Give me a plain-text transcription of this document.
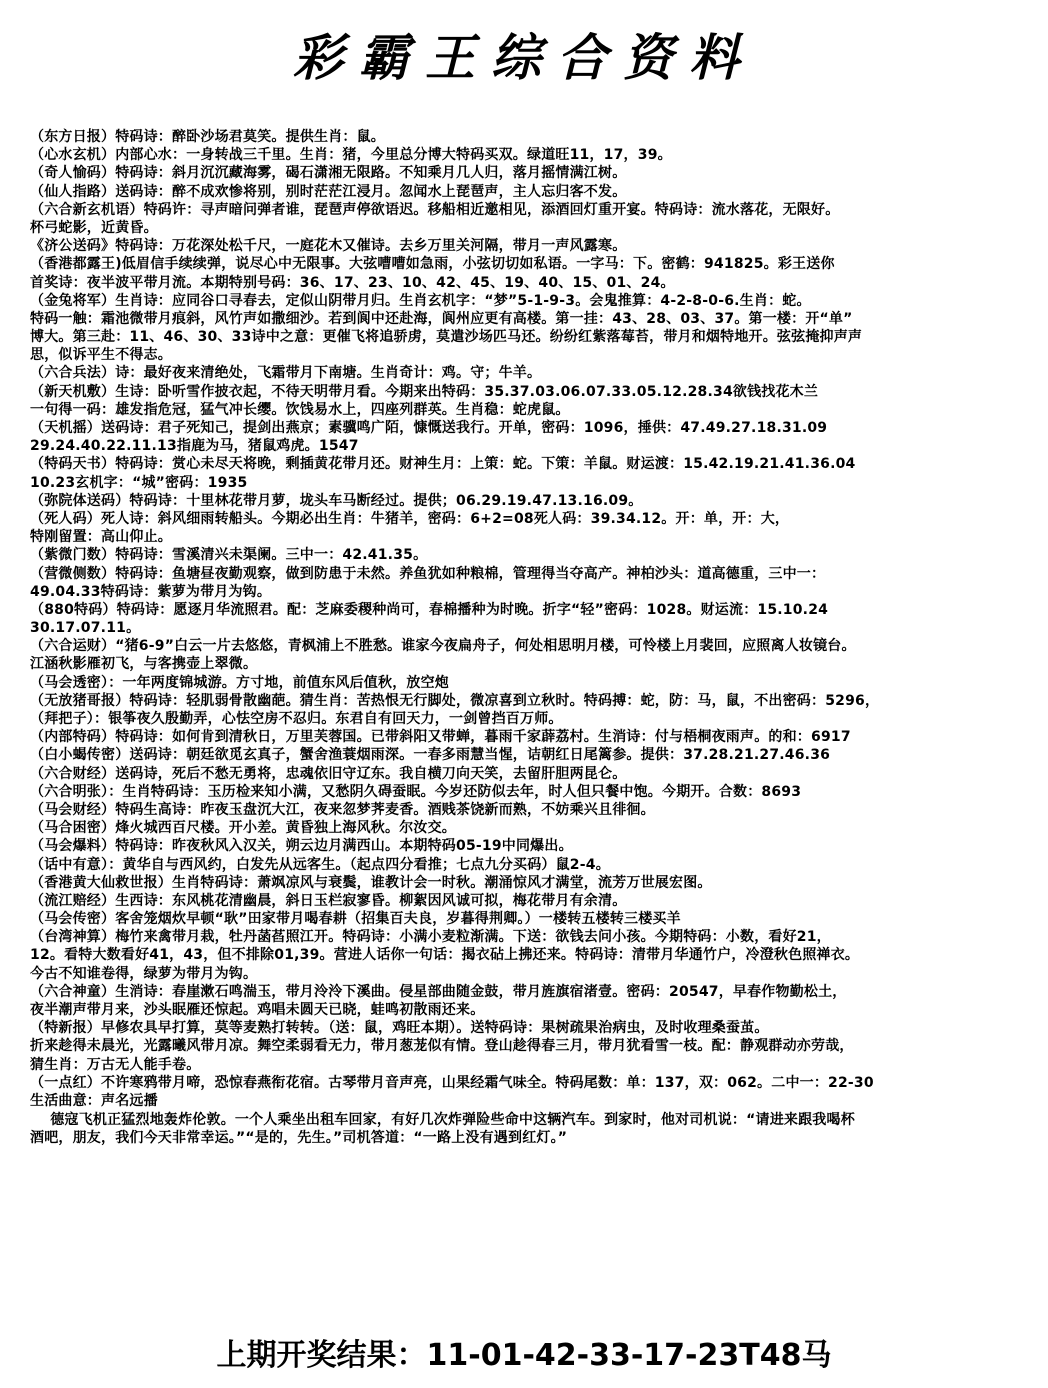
彩霸王综合资料
（东方日报）特码诗：醉卧沙场君莫笑。提供生肖：鼠。
（心水玄机）内部心水：一身转战三千里。生肖：猪，今里总分博大特码买双。绿道旺11，17，39。
（奇人愉码）特码诗：斜月沉沉藏海雾，碣石潇湘无限路。不知乘月几人归，落月摇情满江树。
（仙人指路）送码诗：醉不成欢惨将别，别时茫茫江浸月。忽闻水上琵琶声，主人忘归客不发。
（六合新玄机语）特码许：寻声暗问弹者谁，琵琶声停欲语迟。移船相近邀相见，添酒回灯重开宴。特码诗：流水落花，无限好。
杯弓蛇影，近黄昏。
《济公送码》特码诗：万花深处松千尺，一庭花木又催诗。去乡万里关河隔，带月一声风露寒。
（香港都露王)低眉信手续续弹，说尽心中无限事。大弦嘈嘈如急雨，小弦切切如私语。一字马：下。密鹤：941825。彩王送你
首奖诗：夜半波平带月流。本期特别号码：36、17、23、10、42、45、19、40、15、01、24。
（金兔将军）生肖诗：应同谷口寻春去，定似山阴带月归。生肖玄机字：“梦”5-1-9-3。会鬼推算：4-2-8-0-6.生肖：蛇。
特码一触：霜池微带月痕斜，风竹声如撒细沙。若到阆中还赴海，阆州应更有高楼。第一挂：43、28、03、37。第一楼：开“单”
博大。第三赴：11、46、30、33诗中之意：更催飞将追骄虏，莫遣沙场匹马还。纷纷红紫落莓苔，带月和烟特地开。弦弦掩抑声声
思，似诉平生不得志。
（六合兵法）诗：最好夜来清绝处，飞霜带月下南塘。生肖奇计：鸡。守；牛羊。
（新天机敷）生诗：卧听雪作披衣起，不待天明带月看。今期来出特码：35.37.03.06.07.33.05.12.28.34欲钱找花木兰
一句得一码：雄发指危冠，猛气冲长缨。饮饯易水上，四座列群英。生肖稳：蛇虎鼠。
（天机摇）送码诗：君子死知己，提剑出燕京；素骥鸣广陌，慷慨送我行。开单，密码：1096，捶供：47.49.27.18.31.09
29.24.40.22.11.13指鹿为马，猪鼠鸡虎。1547
（特码天书）特码诗：赏心未尽天将晚，剩插黄花带月还。财神生月：上策：蛇。下策：羊鼠。财运渡：15.42.19.21.41.36.04
10.23玄机字：“城”密码：1935
（弥院体送码）特码诗：十里林花带月萝，垅头车马断经过。提供；06.29.19.47.13.16.09。
（死人码）死人诗：斜风细雨转船头。今期必出生肖：牛猪羊，密码：6+2=08死人码：39.34.12。开：单，开：大，
特刚留置：高山仰止。
（紫微门数）特码诗：雪溪清兴未渠阑。三中一：42.41.35。
（营微侧数）特码诗：鱼塘昼夜勤观察，做到防患于未然。养鱼犹如种粮棉，管理得当夺高产。神柏沙头：道高德重，三中一：
49.04.33特码诗：紫萝为带月为钩。
（880特码）特码诗：愿逐月华流照君。配：芝麻委稷种尚可，春棉播种为时晚。折字“轻”密码：1028。财运流：15.10.24
30.17.07.11。
（六合运财）“猪6-9”白云一片去悠悠，青枫浦上不胜愁。谁家今夜扁舟子，何处相思明月楼，可怜楼上月裴回，应照离人妆镜台。
江涵秋影雁初飞，与客携壶上翠微。
（马会透密）：一年两度锦城游。方寸地，前值东风后值秋，放空炮
（无放猪哥报）特码诗：轻肌弱骨散幽葩。猜生肖：苦热恨无行脚处，微凉喜到立秋时。特码搏：蛇，防：马，鼠，不出密码：5296，
（拜把子）：银筝夜久殷勤弄，心怯空房不忍归。东君自有回天力，一剑曾挡百万师。
（内部特码）特码诗：如何肯到清秋日，万里芙蓉国。已带斜阳又带蝉，暮雨千家薜荔村。生消诗：付与梧桐夜雨声。的和：6917
（白小蝎传密）送码诗：朝廷欲觅玄真子，蟹舍渔蓑烟雨深。一春多雨慧当惺，诘朝红日尾篱参。提供：37.28.21.27.46.36
（六合财经）送码诗，死后不愁无勇将，忠魂依旧守辽东。我自横刀向天笑，去留肝胆两昆仑。
（六合明张）：生肖特码诗：玉历检来知小满，又愁阴久碍蚕眠。今岁还防似去年，时人但只餐中饱。今期开。合数：8693
（马会财经）特码生高诗：昨夜玉盘沉大江，夜来忽梦荠麦香。酒贱茶饶新而熟，不妨乘兴且徘徊。
（马合困密）烽火城西百尺楼。开小差。黄昏独上海风秋。尔汝交。
（马会爆料）特码诗：昨夜秋风入汉关，朔云边月满西山。本期特码05-19中同爆出。
（话中有意）：黄华自与西风约，白发先从远客生。（起点四分看推；七点九分买码）鼠2-4。
（香港黄大仙救世报）生肖特码诗：萧飒凉风与衰鬓，谁教计会一时秋。潮涌惊风才满堂，流芳万世展宏图。
（流江赔经）生西诗：东风桃花清幽晨，斜日玉栏寂寥昏。柳絮因风诚可拟，梅花带月有余清。
（马会传密）客舍笼烟炊早顿“耿”田家带月喝春耕（招集百夫良，岁暮得荆卿。）一楼转五楼转三楼买羊
（台湾神算）梅竹来禽带月栽，牡丹菡萏照江开。特码诗：小满小麦粒渐满。下送：欲钱去问小孩。今期特码：小数，看好21，
12。看特大数看好41，43，但不排除01,39。营进人话你一句话：揭衣砧上拂还来。特码诗：清带月华通竹户，冷澄秋色照禅衣。
今古不知谁卷得，绿萝为带月为钩。
（六合神童）生消诗：春崖漱石鸣湍玉，带月泠泠下溪曲。侵星部曲随金鼓，带月旌旗宿渚壹。密码：20547，早春作物勤松土，
夜半潮声带月来，沙头眠雁还惊起。鸡唱未圆天已晓，蛙鸣初散雨还来。
（特新报）早修农具早打算，莫等麦熟打转转。（送：鼠，鸡旺本期）。送特码诗：果树疏果治病虫，及时收理桑蚕茧。
折来趁得未晨光，光露曦风带月凉。舞空柔弱看无力，带月葱茏似有情。登山趁得春三月，带月犹看雪一枝。配：静观群动亦劳哉，
猜生肖：万古无人能手卷。
（一点红）不许寒鸦带月啼，恐惊春燕衔花宿。古琴带月音声亮，山果经霜气味全。特码尾数：单：137，双：062。二中一：22-30
生活曲意：声名远播
德寇飞机正猛烈地轰炸伦敦。一个人乘坐出租车回家，有好几次炸弹险些命中这辆汽车。到家时，他对司机说：“请进来跟我喝杯
酒吧，朋友，我们今天非常幸运。”“是的，先生。”司机答道：“一路上没有遇到红灯。”
上期开奖结果：11-01-42-33-17-23T48马
